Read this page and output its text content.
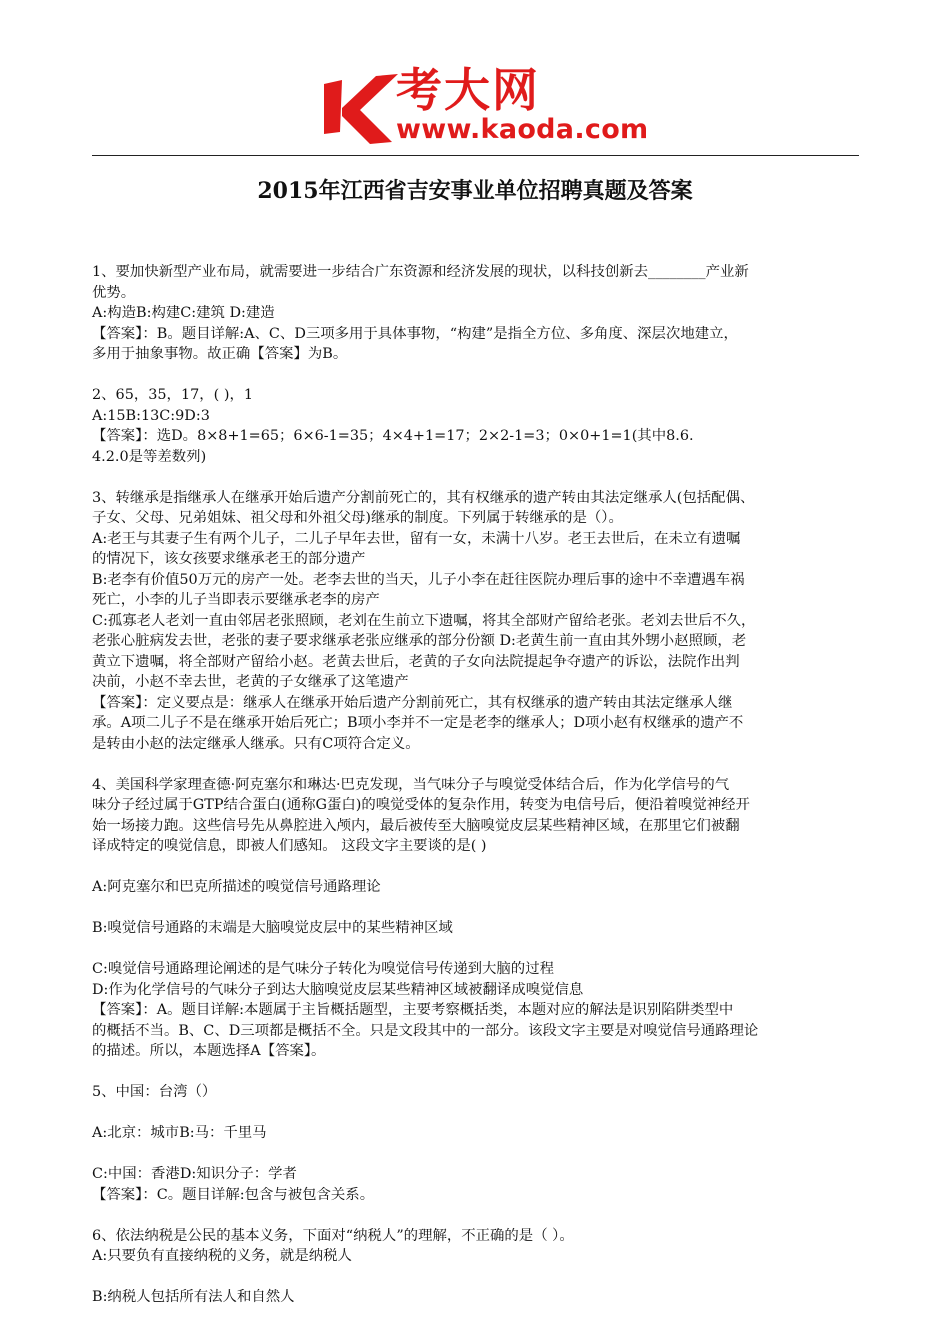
考大网
www.kaoda.com
2015年江西省吉安事业单位招聘真题及答案
1、要加快新型产业布局，就需要进一步结合广东资源和经济发展的现状，以科技创新去________产业新
优势。
A:构造B:构建C:建筑 D:建造
【答案】：B。题目详解:A、C、D三项多用于具体事物，“构建”是指全方位、多角度、深层次地建立，
多用于抽象事物。故正确【答案】为B。
2、65，35，17，( )，1
A:15B:13C:9D:3
【答案】：选D。8×8+1=65；6×6-1=35；4×4+1=17；2×2-1=3；0×0+1=1(其中8.6.
4.2.0是等差数列)
3、转继承是指继承人在继承开始后遗产分割前死亡的，其有权继承的遗产转由其法定继承人(包括配偶、
子女、父母、兄弟姐妹、祖父母和外祖父母)继承的制度。下列属于转继承的是（）。
A:老王与其妻子生有两个儿子，二儿子早年去世，留有一女，未满十八岁。老王去世后，在未立有遗嘱
的情况下，该女孩要求继承老王的部分遗产
B:老李有价值50万元的房产一处。老李去世的当天，儿子小李在赶往医院办理后事的途中不幸遭遇车祸
死亡，小李的儿子当即表示要继承老李的房产
C:孤寡老人老刘一直由邻居老张照顾，老刘在生前立下遗嘱，将其全部财产留给老张。老刘去世后不久，
老张心脏病发去世，老张的妻子要求继承老张应继承的部分份额 D:老黄生前一直由其外甥小赵照顾，老
黄立下遗嘱，将全部财产留给小赵。老黄去世后，老黄的子女向法院提起争夺遗产的诉讼，法院作出判
决前，小赵不幸去世，老黄的子女继承了这笔遗产
【答案】：定义要点是：继承人在继承开始后遗产分割前死亡，其有权继承的遗产转由其法定继承人继
承。A项二儿子不是在继承开始后死亡；B项小李并不一定是老李的继承人；D项小赵有权继承的遗产不
是转由小赵的法定继承人继承。只有C项符合定义。
4、美国科学家理查德·阿克塞尔和琳达·巴克发现，当气味分子与嗅觉受体结合后，作为化学信号的气
味分子经过属于GTP结合蛋白(通称G蛋白)的嗅觉受体的复杂作用，转变为电信号后，便沿着嗅觉神经开
始一场接力跑。这些信号先从鼻腔进入颅内，最后被传至大脑嗅觉皮层某些精神区域，在那里它们被翻
译成特定的嗅觉信息，即被人们感知。 这段文字主要谈的是( )
A:阿克塞尔和巴克所描述的嗅觉信号通路理论
B:嗅觉信号通路的末端是大脑嗅觉皮层中的某些精神区域
C:嗅觉信号通路理论阐述的是气味分子转化为嗅觉信号传递到大脑的过程
D:作为化学信号的气味分子到达大脑嗅觉皮层某些精神区域被翻译成嗅觉信息
【答案】：A。题目详解:本题属于主旨概括题型，主要考察概括类，本题对应的解法是识别陷阱类型中
的概括不当。B、C、D三项都是概括不全。只是文段其中的一部分。该段文字主要是对嗅觉信号通路理论
的描述。所以，本题选择A【答案】。
5、中国：台湾（）
A:北京：城市B:马：千里马
C:中国：香港D:知识分子：学者
【答案】：C。题目详解:包含与被包含关系。
6、依法纳税是公民的基本义务，下面对“纳税人”的理解，不正确的是（ ）。
A:只要负有直接纳税的义务，就是纳税人
B:纳税人包括所有法人和自然人
